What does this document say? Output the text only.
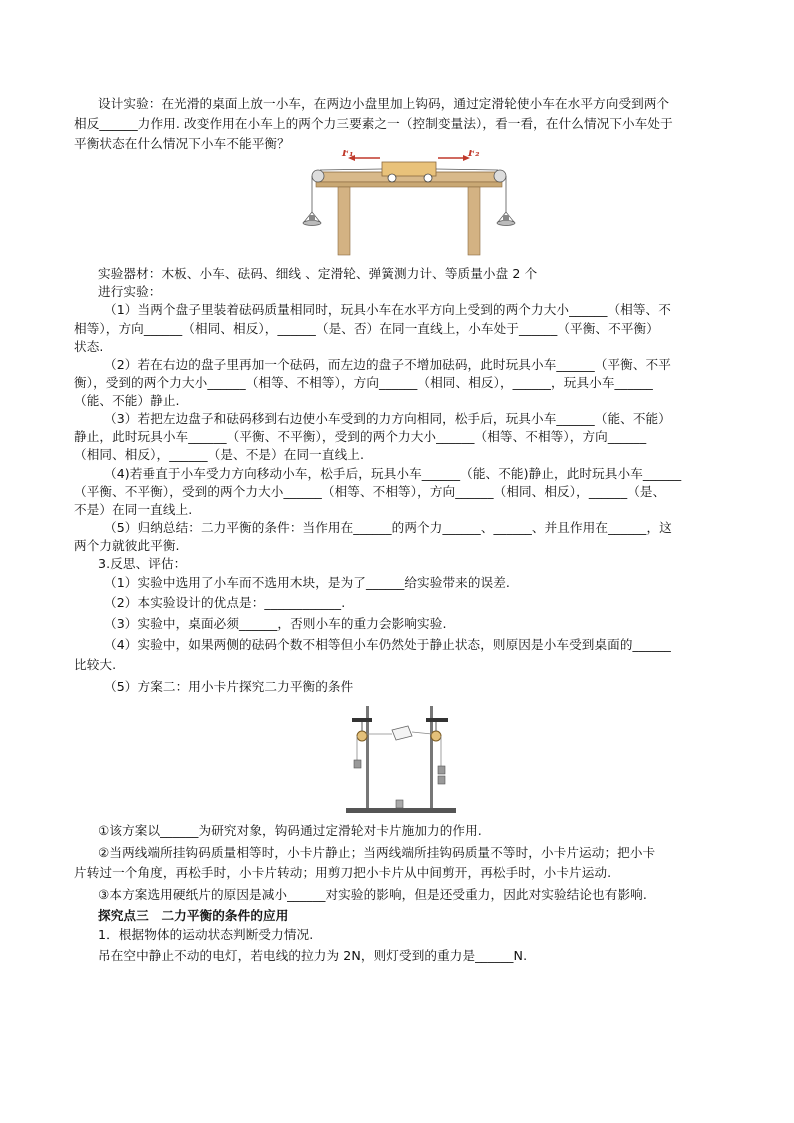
设计实验：在光滑的桌面上放一小车，在两边小盘里加上钩码，通过定滑轮使小车在水平方向受到两个
相反______力作用. 改变作用在小车上的两个力三要素之一（控制变量法），看一看，在什么情况下小车处于
平衡状态在什么情况下小车不能平衡？
F₁	F₂
实验器材：木板、小车、砝码、细线 、定滑轮、弹簧测力计、等质量小盘 2 个
进行实验：
（1）当两个盘子里装着砝码质量相同时，玩具小车在水平方向上受到的两个力大小______（相等、不
相等），方向______（相同、相反），______（是、否）在同一直线上，小车处于______（平衡、不平衡）
状态.
（2）若在右边的盘子里再加一个砝码，而左边的盘子不增加砝码，此时玩具小车______（平衡、不平
衡），受到的两个力大小______（相等、不相等），方向______（相同、相反），______，玩具小车______
（能、不能）静止.
（3）若把左边盘子和砝码移到右边使小车受到的力方向相同，松手后，玩具小车______（能、不能）
静止，此时玩具小车______（平衡、不平衡），受到的两个力大小______（相等、不相等），方向______
（相同、相反），______（是、不是）在同一直线上.
（4)若垂直于小车受力方向移动小车，松手后，玩具小车______（能、不能)静止，此时玩具小车______
（平衡、不平衡），受到的两个力大小______（相等、不相等），方向______（相同、相反），______（是、
不是）在同一直线上.
（5）归纳总结：二力平衡的条件：当作用在______的两个力______、______、并且作用在______，这
两个力就彼此平衡.
3.反思、评估：
（1）实验中选用了小车而不选用木块，是为了______给实验带来的误差.
（2）本实验设计的优点是：____________.
（3）实验中，桌面必须______，否则小车的重力会影响实验.
（4）实验中，如果两侧的砝码个数不相等但小车仍然处于静止状态，则原因是小车受到桌面的______
比较大.
（5）方案二：用小卡片探究二力平衡的条件
①该方案以______为研究对象，钩码通过定滑轮对卡片施加力的作用.
②当两线端所挂钩码质量相等时，小卡片静止；当两线端所挂钩码质量不等时，小卡片运动；把小卡
片转过一个角度，再松手时，小卡片转动；用剪刀把小卡片从中间剪开，再松手时，小卡片运动.
③本方案选用硬纸片的原因是减小______对实验的影响，但是还受重力，因此对实验结论也有影响.
探究点三　二力平衡的条件的应用
1．根据物体的运动状态判断受力情况.
吊在空中静止不动的电灯，若电线的拉力为 2N，则灯受到的重力是______N.
